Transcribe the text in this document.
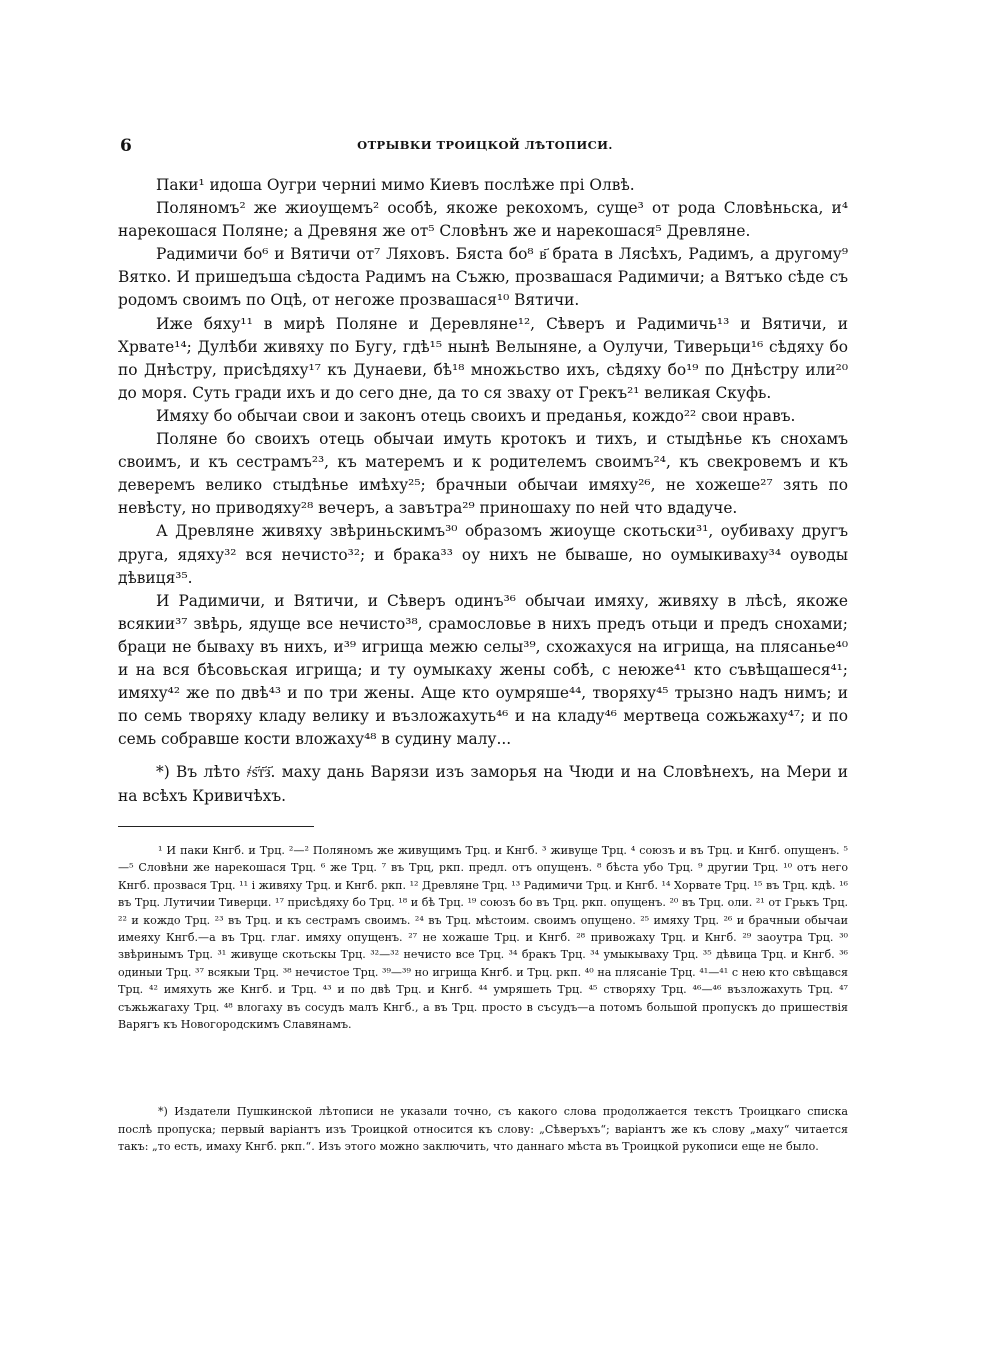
6	ОТРЫВКИ ТРОИЦКОЙ ЛѢТОПИСИ.

Паки¹ идоша Оугри черниі мимо Киевъ послѣже прі Олвѣ.

Поляномъ² же жиоущемъ² особѣ, якоже рекохомъ, суще³ от рода Словѣньска, и⁴ нарекошася Поляне; а Древяня же от⁵ Словѣнъ же и нарекошася⁵ Древляне.

Радимичи бо⁶ и Вятичи от⁷ Ляховъ. Бяста бо⁸ в҃ брата в Лясѣхъ, Радимъ, а другому⁹ Вятко. И пришедъша сѣдоста Радимъ на Съжю, прозвашася Радимичи; а Вятъко сѣде съ родомъ своимъ по Оцѣ, от негоже прозвашася¹⁰ Вятичи.

Иже бяху¹¹ в мирѣ Поляне и Деревляне¹², Сѣверъ и Радимичь¹³ и Вятичи, и Хрвате¹⁴; Дулѣби живяху по Бугу, гдѣ¹⁵ нынѣ Велыняне, а Оулучи, Тиверьци¹⁶ сѣдяху бо по Днѣстру, присѣдяху¹⁷ къ Дунаеви, бѣ¹⁸ множьство ихъ, сѣдяху бо¹⁹ по Днѣстру или²⁰ до моря. Суть гради ихъ и до сего дне, да то ся зваху от Грекъ²¹ великая Скуфь.

Имяху бо обычаи свои и законъ отець своихъ и преданья, кождо²² свои нравъ.

Поляне бо своихъ отець обычаи имуть кротокъ и тихъ, и стыдѣнье къ снохамъ своимъ, и къ сестрамъ²³, къ матеремъ и к родителемъ своимъ²⁴, къ свекровемъ и къ деверемъ велико стыдѣнье имѣху²⁵; брачныи обычаи имяху²⁶, не хожеше²⁷ зять по невѣсту, но приводяху²⁸ вечеръ, а завътра²⁹ приношаху по ней что вдадуче.

А Древляне живяху звѣриньскимъ³⁰ образомъ жиоуще скотьски³¹, оубиваху другъ друга, ядяху³² вся нечисто³²; и брака³³ оу нихъ не бываше, но оумыкиваху³⁴ оуводы дѣвиця³⁵.

И Радимичи, и Вятичи, и Сѣверъ одинъ³⁶ обычаи имяху, живяху в лѣсѣ, якоже всякии³⁷ звѣрь, ядуще все нечисто³⁸, срамословье в нихъ предъ отьци и предъ снохами; браци не бываху въ нихъ, и³⁹ игрища межю селы³⁹, схожахуся на игрища, на плясанье⁴⁰ и на вся бѣсовьская игрища; и ту оумыкаху жены собѣ, с неюже⁴¹ кто съвѣщашеся⁴¹; имяху⁴² же по двѣ⁴³ и по три жены. Аще кто оумряше⁴⁴, творяху⁴⁵ трызно надъ нимъ; и по семь творяху кладу велику и възложахуть⁴⁶ и на кладу⁴⁶ мертвеца сожьжаху⁴⁷; и по семь собравше кости вложаху⁴⁸ в судину малу...

*) Въ лѣто ҂ѕ҃т҃з҃. маху дань Варязи изъ заморья на Чюди и на Словѣнехъ, на Мери и на всѣхъ Кривичѣхъ.

¹ И паки Кнгб. и Трц. ²—² Поляномъ же живущимъ Трц. и Кнгб. ³ живуще Трц. ⁴ союзъ и въ Трц. и Кнгб. опущенъ. ⁵—⁵ Словѣни же нарекошася Трц. ⁶ же Трц. ⁷ въ Трц, ркп. предл. отъ опущенъ. ⁸ бѣста убо Трц. ⁹ другии Трц. ¹⁰ отъ него Кнгб. прозвася Трц. ¹¹ і живяху Трц. и Кнгб. ркп. ¹² Древляне Трц. ¹³ Радимичи Трц. и Кнгб. ¹⁴ Хорвате Трц. ¹⁵ въ Трц. кдѣ. ¹⁶ въ Трц. Лутичии Тиверци. ¹⁷ присѣдяху бо Трц. ¹⁸ и бѣ Трц. ¹⁹ союзъ бо въ Трц. ркп. опущенъ. ²⁰ въ Трц. оли. ²¹ от Грькъ Трц. ²² и кождо Трц. ²³ въ Трц. и къ сестрамъ своимъ. ²⁴ въ Трц. мѣстоим. своимъ опущено. ²⁵ имяху Трц. ²⁶ и брачныи обычаи имеяху Кнгб.—а въ Трц. глаг. имяху опущенъ. ²⁷ не хожаше Трц. и Кнгб. ²⁸ привожаху Трц. и Кнгб. ²⁹ заоутра Трц. ³⁰ звѣринымъ Трц. ³¹ живуще скотьскы Трц. ³²—³² нечисто все Трц. ³⁴ бракъ Трц. ³⁴ умыкываху Трц. ³⁵ дѣвица Трц. и Кнгб. ³⁶ одиныи Трц. ³⁷ всякыи Трц. ³⁸ нечистое Трц. ³⁹—³⁹ но игрища Кнгб. и Трц. ркп. ⁴⁰ на плясаніе Трц. ⁴¹—⁴¹ с нею кто свѣщався Трц. ⁴² имяхуть же Кнгб. и Трц. ⁴³ и по двѣ Трц. и Кнгб. ⁴⁴ умряшеть Трц. ⁴⁵ створяху Трц. ⁴⁶—⁴⁶ възложахуть Трц. ⁴⁷ съжьжагаху Трц. ⁴⁸ влогаху въ сосудъ малъ Кнгб., а въ Трц. просто в съсудъ—а потомъ большой пропускъ до пришествія Варягъ къ Новогородскимъ Славянамъ.

*) Издатели Пушкинской лѣтописи не указали точно, съ какого слова продолжается текстъ Троицкаго списка послѣ пропуска; первый варіантъ изъ Троицкой относится къ слову: „Сѣверъхъ“; варіантъ же къ слову „маху“ читается такъ: „то есть, имаху Кнгб. ркп.“. Изъ этого можно заключить, что даннаго мѣста въ Троицкой рукописи еще не было.
